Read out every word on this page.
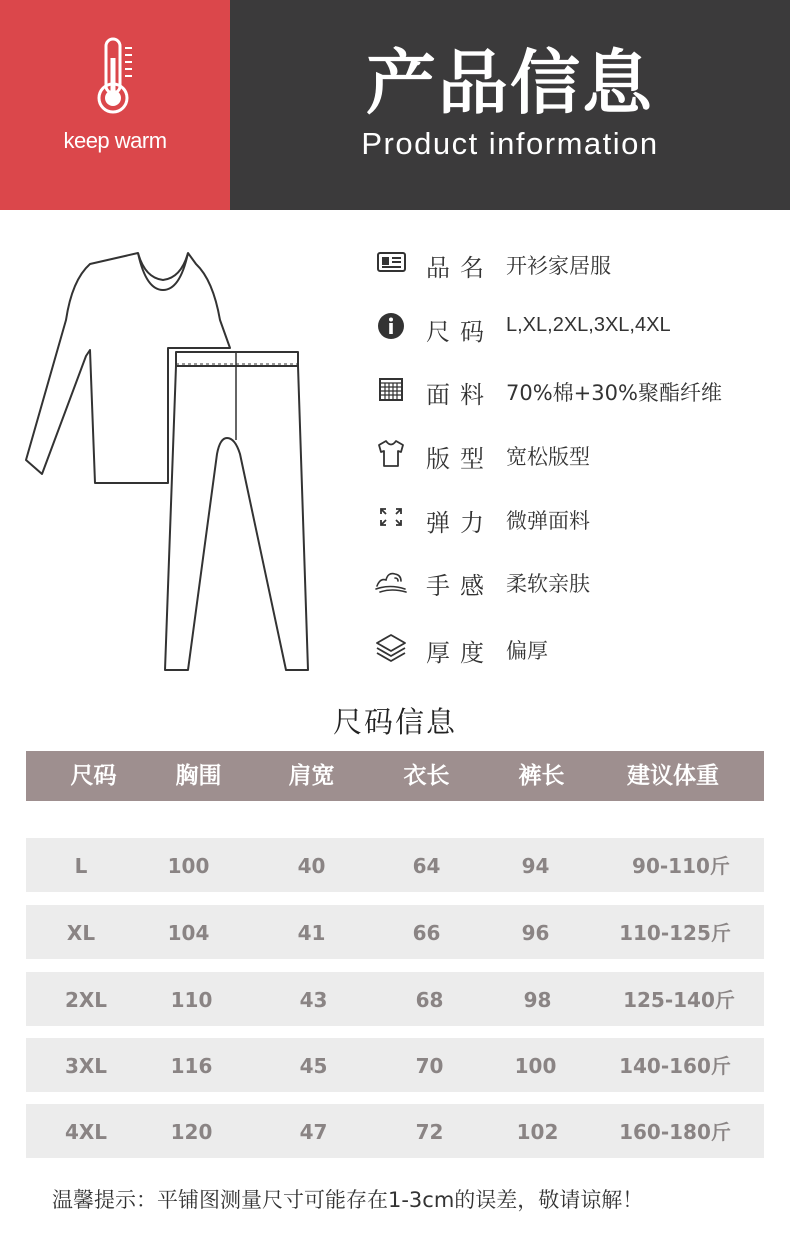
keep warm
产品信息
Product information
品名 开衫家居服
尺码 L,XL,2XL,3XL,4XL
面料 70%棉+30%聚酯纤维
版型 宽松版型
弹力 微弹面料
手感 柔软亲肤
厚度 偏厚
尺码信息
尺码	胸围	肩宽	衣长	裤长	建议体重
L	100	40	64	94	90-110斤
XL	104	41	66	96	110-125斤
2XL	110	43	68	98	125-140斤
3XL	116	45	70	100	140-160斤
4XL	120	47	72	102	160-180斤
温馨提示：平铺图测量尺寸可能存在1-3cm的误差，敬请谅解！
